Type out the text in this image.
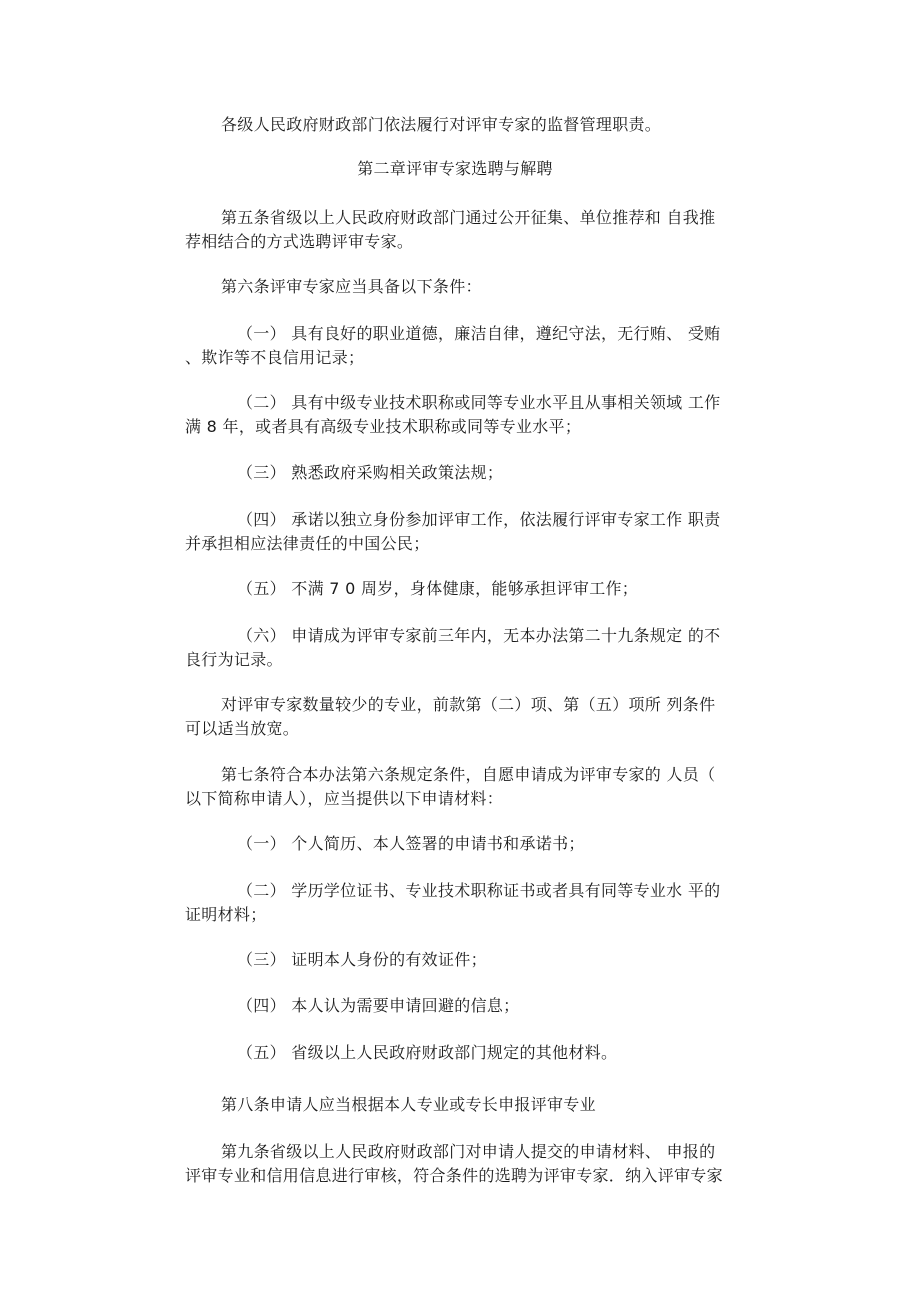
各级人民政府财政部门依法履行对评审专家的监督管理职责。
第二章评审专家选聘与解聘
第五条省级以上人民政府财政部门通过公开征集、单位推荐和 自我推
荐相结合的方式选聘评审专家。
第六条评审专家应当具备以下条件：
（一） 具有良好的职业道德，廉洁自律，遵纪守法，无行贿、 受贿
、欺诈等不良信用记录；
（二） 具有中级专业技术职称或同等专业水平且从事相关领域 工作
满 8 年，或者具有高级专业技术职称或同等专业水平；
（三） 熟悉政府采购相关政策法规；
（四） 承诺以独立身份参加评审工作，依法履行评审专家工作 职责
并承担相应法律责任的中国公民；
（五） 不满 7 0 周岁，身体健康，能够承担评审工作；
（六） 申请成为评审专家前三年内，无本办法第二十九条规定 的不
良行为记录。
对评审专家数量较少的专业，前款第（二）项、第（五）项所 列条件
可以适当放宽。
第七条符合本办法第六条规定条件，自愿申请成为评审专家的 人员（
以下简称申请人），应当提供以下申请材料：
（一） 个人简历、本人签署的申请书和承诺书；
（二） 学历学位证书、专业技术职称证书或者具有同等专业水 平的
证明材料；
（三） 证明本人身份的有效证件；
（四） 本人认为需要申请回避的信息；
（五） 省级以上人民政府财政部门规定的其他材料。
第八条申请人应当根据本人专业或专长申报评审专业
第九条省级以上人民政府财政部门对申请人提交的申请材料、 申报的
评审专业和信用信息进行审核，符合条件的选聘为评审专家．纳入评审专家
